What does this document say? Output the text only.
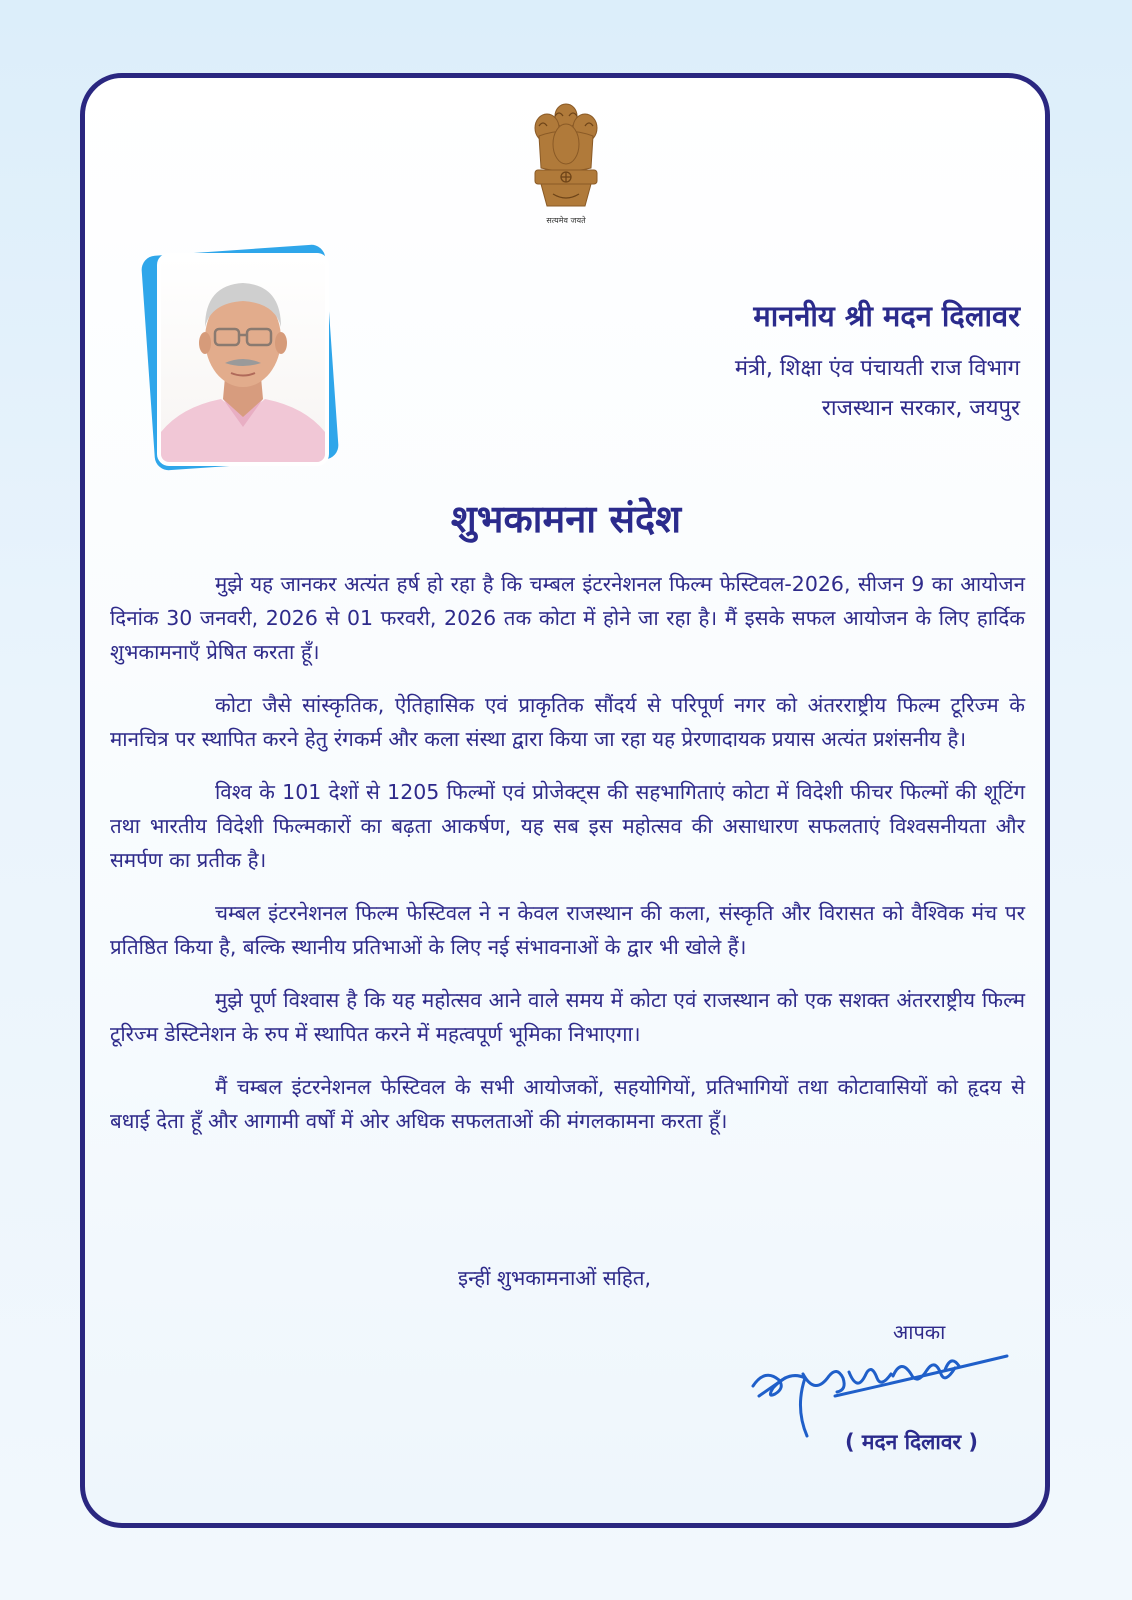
सत्यमेव जयते
माननीय श्री मदन दिलावर

मंत्री, शिक्षा एंव पंचायती राज विभाग

राजस्थान सरकार, जयपुर

शुभकामना संदेश

मुझे यह जानकर अत्यंत हर्ष हो रहा है कि चम्बल इंटरनेशनल फिल्म फेस्टिवल-2026, सीजन 9 का आयोजन दिनांक 30 जनवरी, 2026 से 01 फरवरी, 2026 तक कोटा में होने जा रहा है। मैं इसके सफल आयोजन के लिए हार्दिक शुभकामनाएँ प्रेषित करता हूँ।

कोटा जैसे सांस्कृतिक, ऐतिहासिक एवं प्राकृतिक सौंदर्य से परिपूर्ण नगर को अंतरराष्ट्रीय फिल्म टूरिज्म के मानचित्र पर स्थापित करने हेतु रंगकर्म और कला संस्था द्वारा किया जा रहा यह प्रेरणादायक प्रयास अत्यंत प्रशंसनीय है।

विश्व के 101 देशों से 1205 फिल्मों एवं प्रोजेक्ट्स की सहभागिताएं कोटा में विदेशी फीचर फिल्मों की शूटिंग तथा भारतीय विदेशी फिल्मकारों का बढ़ता आकर्षण, यह सब इस महोत्सव की असाधारण सफलताएं विश्वसनीयता और समर्पण का प्रतीक है।

चम्बल इंटरनेशनल फिल्म फेस्टिवल ने न केवल राजस्थान की कला, संस्कृति और विरासत को वैश्विक मंच पर प्रतिष्ठित किया है, बल्कि स्थानीय प्रतिभाओं के लिए नई संभावनाओं के द्वार भी खोले हैं।

मुझे पूर्ण विश्वास है कि यह महोत्सव आने वाले समय में कोटा एवं राजस्थान को एक सशक्त अंतरराष्ट्रीय फिल्म टूरिज्म डेस्टिनेशन के रुप में स्थापित करने में महत्वपूर्ण भूमिका निभाएगा।

मैं चम्बल इंटरनेशनल फेस्टिवल के सभी आयोजकों, सहयोगियों, प्रतिभागियों तथा कोटावासियों को हृदय से बधाई देता हूँ और आगामी वर्षों में ओर अधिक सफलताओं की मंगलकामना करता हूँ।

इन्हीं शुभकामनाओं सहित,

आपका

( मदन दिलावर )
